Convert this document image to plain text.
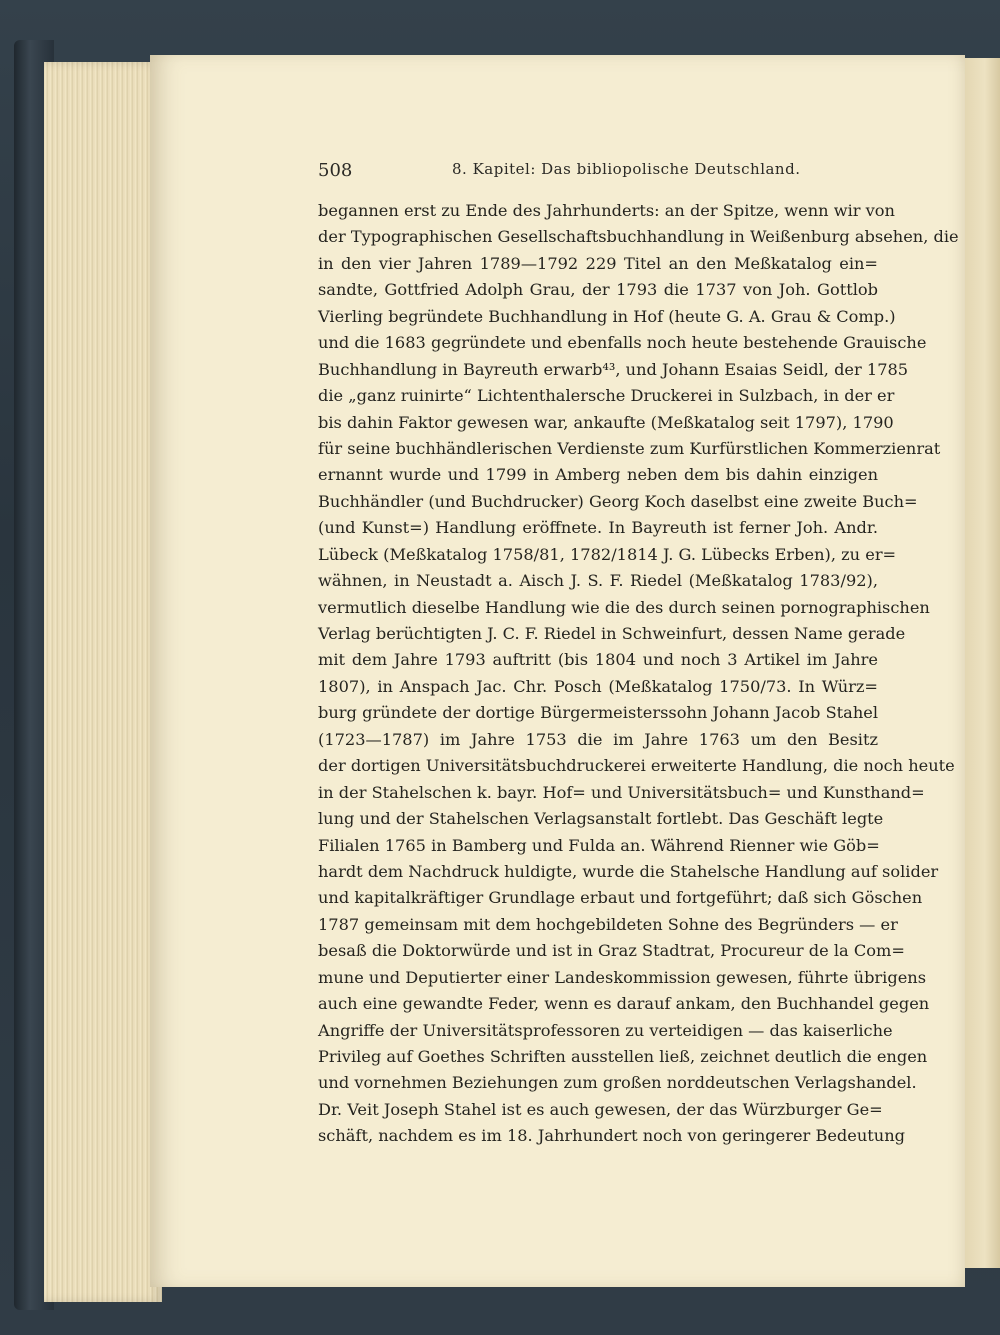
508	8. Kapitel: Das bibliopolische Deutschland.
begannen erst zu Ende des Jahrhunderts: an der Spitze, wenn wir von
der Typographischen Gesellschaftsbuchhandlung in Weißenburg absehen, die
in den vier Jahren 1789—1792 229 Titel an den Meßkatalog ein=
sandte, Gottfried Adolph Grau, der 1793 die 1737 von Joh. Gottlob
Vierling begründete Buchhandlung in Hof (heute G. A. Grau & Comp.)
und die 1683 gegründete und ebenfalls noch heute bestehende Grauische
Buchhandlung in Bayreuth erwarb⁴³, und Johann Esaias Seidl, der 1785
die „ganz ruinirte“ Lichtenthalersche Druckerei in Sulzbach, in der er
bis dahin Faktor gewesen war, ankaufte (Meßkatalog seit 1797), 1790
für seine buchhändlerischen Verdienste zum Kurfürstlichen Kommerzienrat
ernannt wurde und 1799 in Amberg neben dem bis dahin einzigen
Buchhändler (und Buchdrucker) Georg Koch daselbst eine zweite Buch=
(und Kunst=) Handlung eröffnete. In Bayreuth ist ferner Joh. Andr.
Lübeck (Meßkatalog 1758/81, 1782/1814 J. G. Lübecks Erben), zu er=
wähnen, in Neustadt a. Aisch J. S. F. Riedel (Meßkatalog 1783/92),
vermutlich dieselbe Handlung wie die des durch seinen pornographischen
Verlag berüchtigten J. C. F. Riedel in Schweinfurt, dessen Name gerade
mit dem Jahre 1793 auftritt (bis 1804 und noch 3 Artikel im Jahre
1807), in Anspach Jac. Chr. Posch (Meßkatalog 1750/73. In Würz=
burg gründete der dortige Bürgermeisterssohn Johann Jacob Stahel
(1723—1787) im Jahre 1753 die im Jahre 1763 um den Besitz
der dortigen Universitätsbuchdruckerei erweiterte Handlung, die noch heute
in der Stahelschen k. bayr. Hof= und Universitätsbuch= und Kunsthand=
lung und der Stahelschen Verlagsanstalt fortlebt. Das Geschäft legte
Filialen 1765 in Bamberg und Fulda an. Während Rienner wie Göb=
hardt dem Nachdruck huldigte, wurde die Stahelsche Handlung auf solider
und kapitalkräftiger Grundlage erbaut und fortgeführt; daß sich Göschen
1787 gemeinsam mit dem hochgebildeten Sohne des Begründers — er
besaß die Doktorwürde und ist in Graz Stadtrat, Procureur de la Com=
mune und Deputierter einer Landeskommission gewesen, führte übrigens
auch eine gewandte Feder, wenn es darauf ankam, den Buchhandel gegen
Angriffe der Universitätsprofessoren zu verteidigen — das kaiserliche
Privileg auf Goethes Schriften ausstellen ließ, zeichnet deutlich die engen
und vornehmen Beziehungen zum großen norddeutschen Verlagshandel.
Dr. Veit Joseph Stahel ist es auch gewesen, der das Würzburger Ge=
schäft, nachdem es im 18. Jahrhundert noch von geringerer Bedeutung
